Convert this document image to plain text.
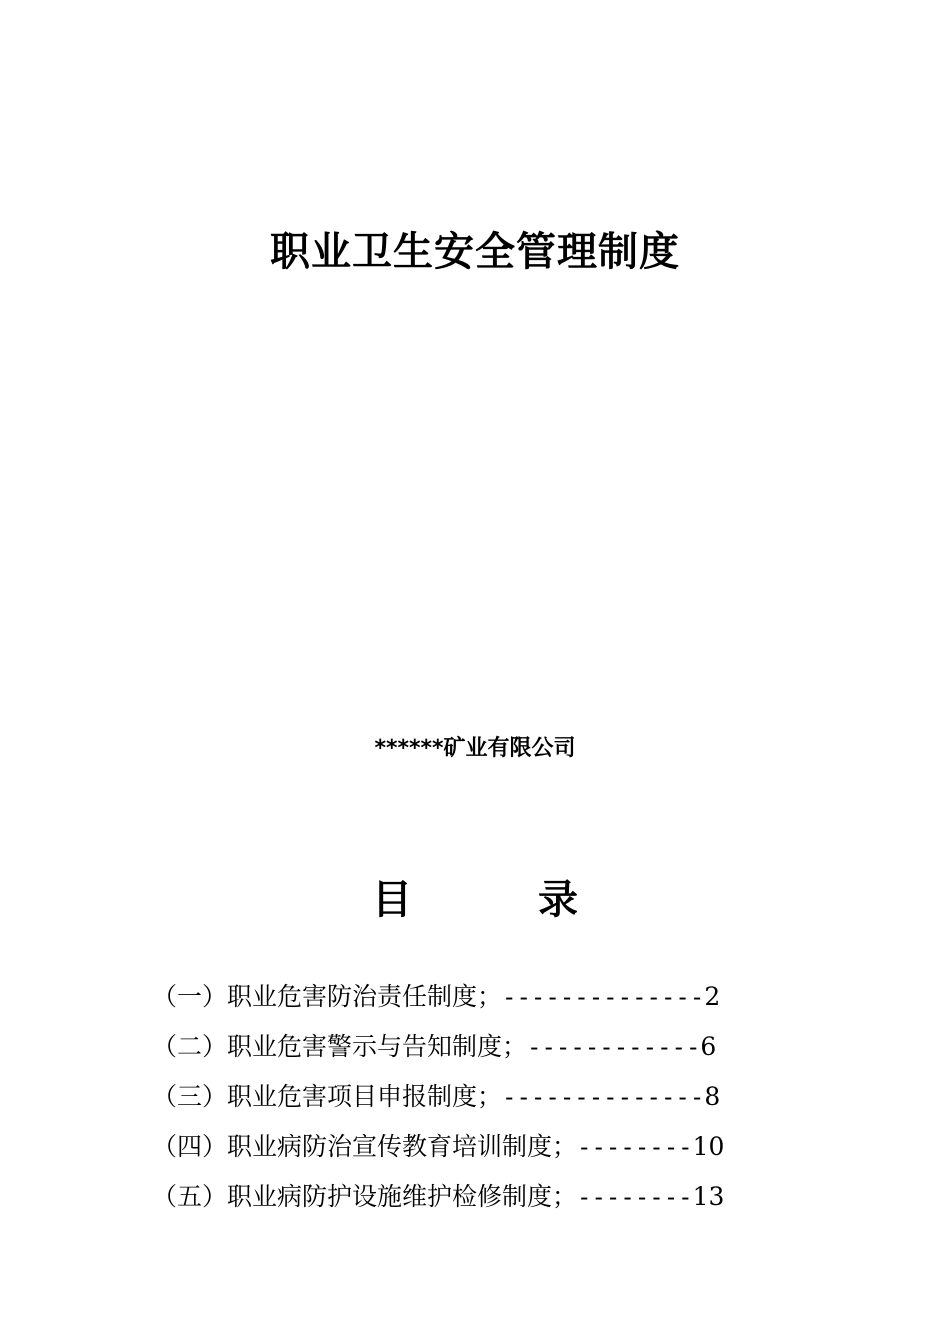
职业卫生安全管理制度
******矿业有限公司
目	录
（一）职业危害防治责任制度；--------------2
（二）职业危害警示与告知制度；------------6
（三）职业危害项目申报制度；--------------8
（四）职业病防治宣传教育培训制度；--------10
（五）职业病防护设施维护检修制度；--------13
